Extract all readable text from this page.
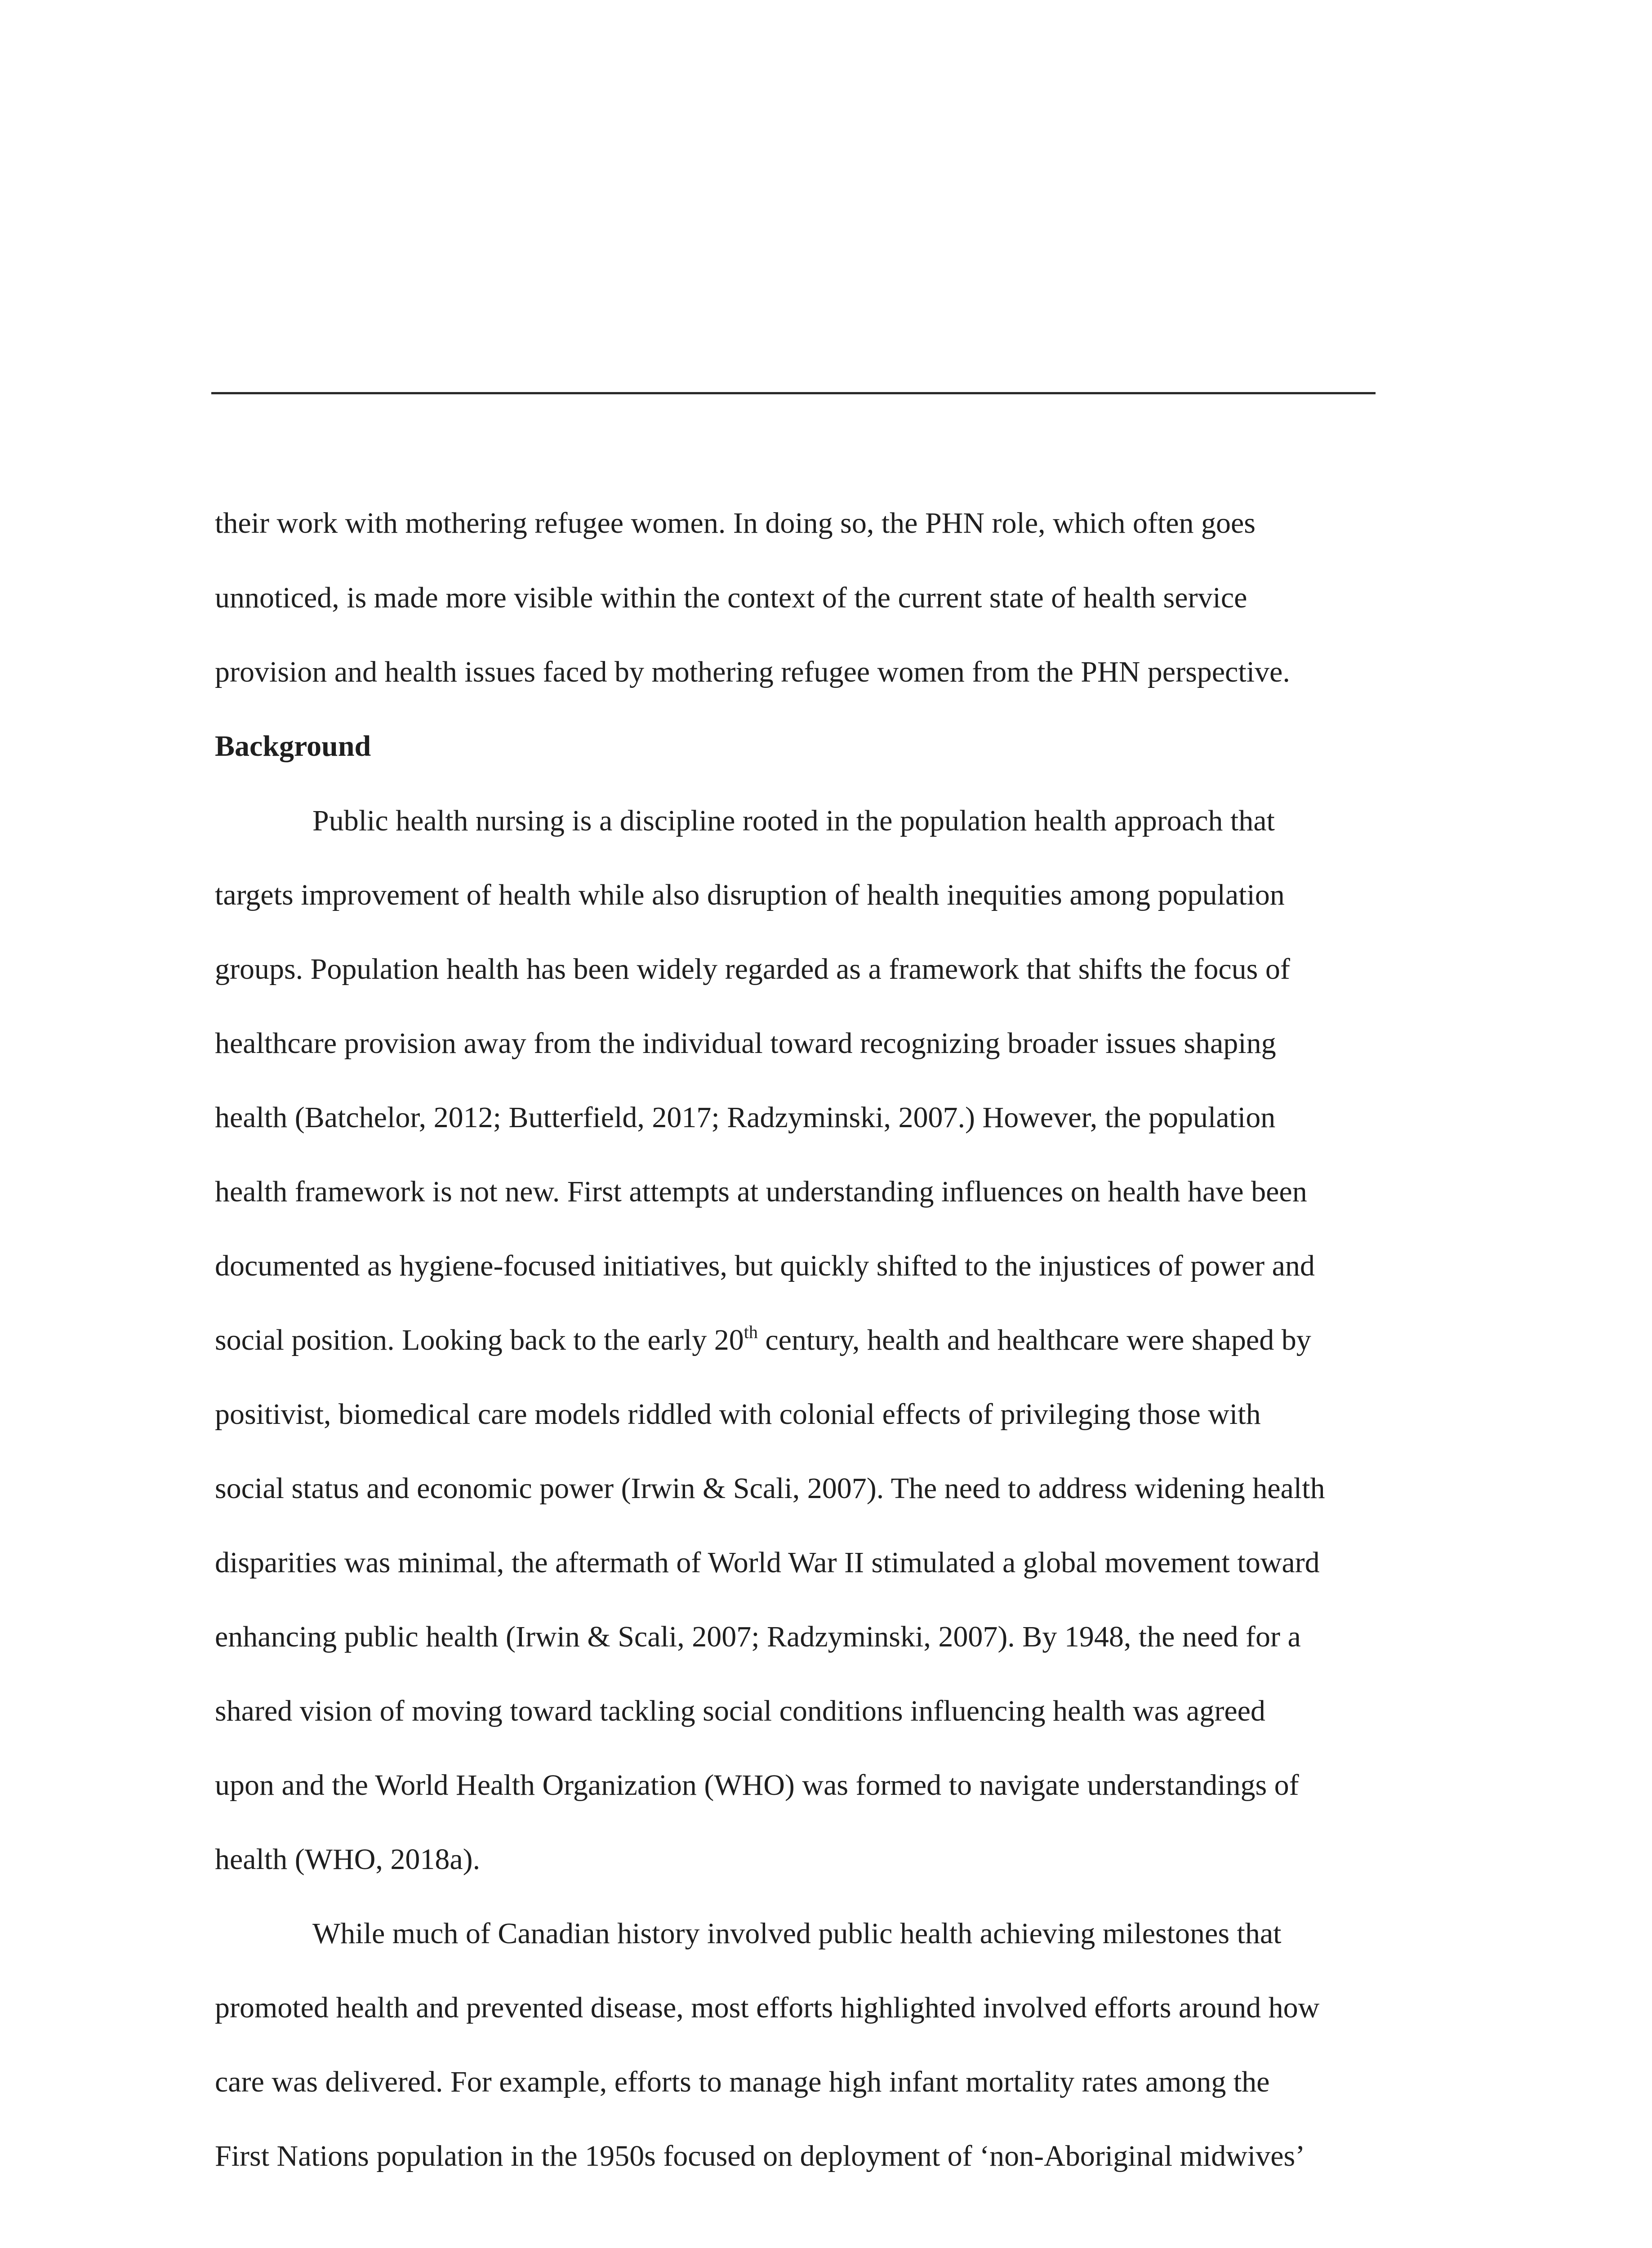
their work with mothering refugee women. In doing so, the PHN role, which often goes

unnoticed, is made more visible within the context of the current state of health service

provision and health issues faced by mothering refugee women from the PHN perspective.

Background

Public health nursing is a discipline rooted in the population health approach that

targets improvement of health while also disruption of health inequities among population

groups. Population health has been widely regarded as a framework that shifts the focus of

healthcare provision away from the individual toward recognizing broader issues shaping

health (Batchelor, 2012; Butterfield, 2017; Radzyminski, 2007.) However, the population

health framework is not new. First attempts at understanding influences on health have been

documented as hygiene-focused initiatives, but quickly shifted to the injustices of power and

social position. Looking back to the early 20th century, health and healthcare were shaped by

positivist, biomedical care models riddled with colonial effects of privileging those with

social status and economic power (Irwin & Scali, 2007). The need to address widening health

disparities was minimal, the aftermath of World War II stimulated a global movement toward

enhancing public health (Irwin & Scali, 2007; Radzyminski, 2007). By 1948, the need for a

shared vision of moving toward tackling social conditions influencing health was agreed

upon and the World Health Organization (WHO) was formed to navigate understandings of

health (WHO, 2018a).

While much of Canadian history involved public health achieving milestones that

promoted health and prevented disease, most efforts highlighted involved efforts around how

care was delivered. For example, efforts to manage high infant mortality rates among the

First Nations population in the 1950s focused on deployment of ‘non-Aboriginal midwives’
